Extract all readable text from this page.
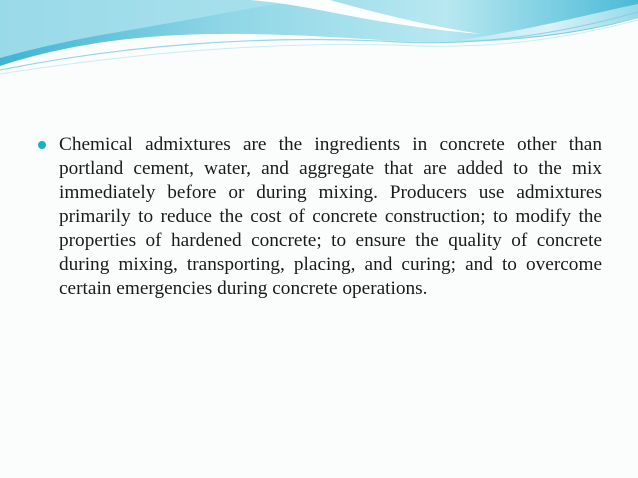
Chemical admixtures are the ingredients in concrete other than portland cement, water, and aggregate that are added to the mix immediately before or during mixing. Producers use admixtures primarily to reduce the cost of concrete construction; to modify the properties of hardened concrete; to ensure the quality of concrete during mixing, transporting, placing, and curing; and to overcome certain emergencies during concrete operations.
